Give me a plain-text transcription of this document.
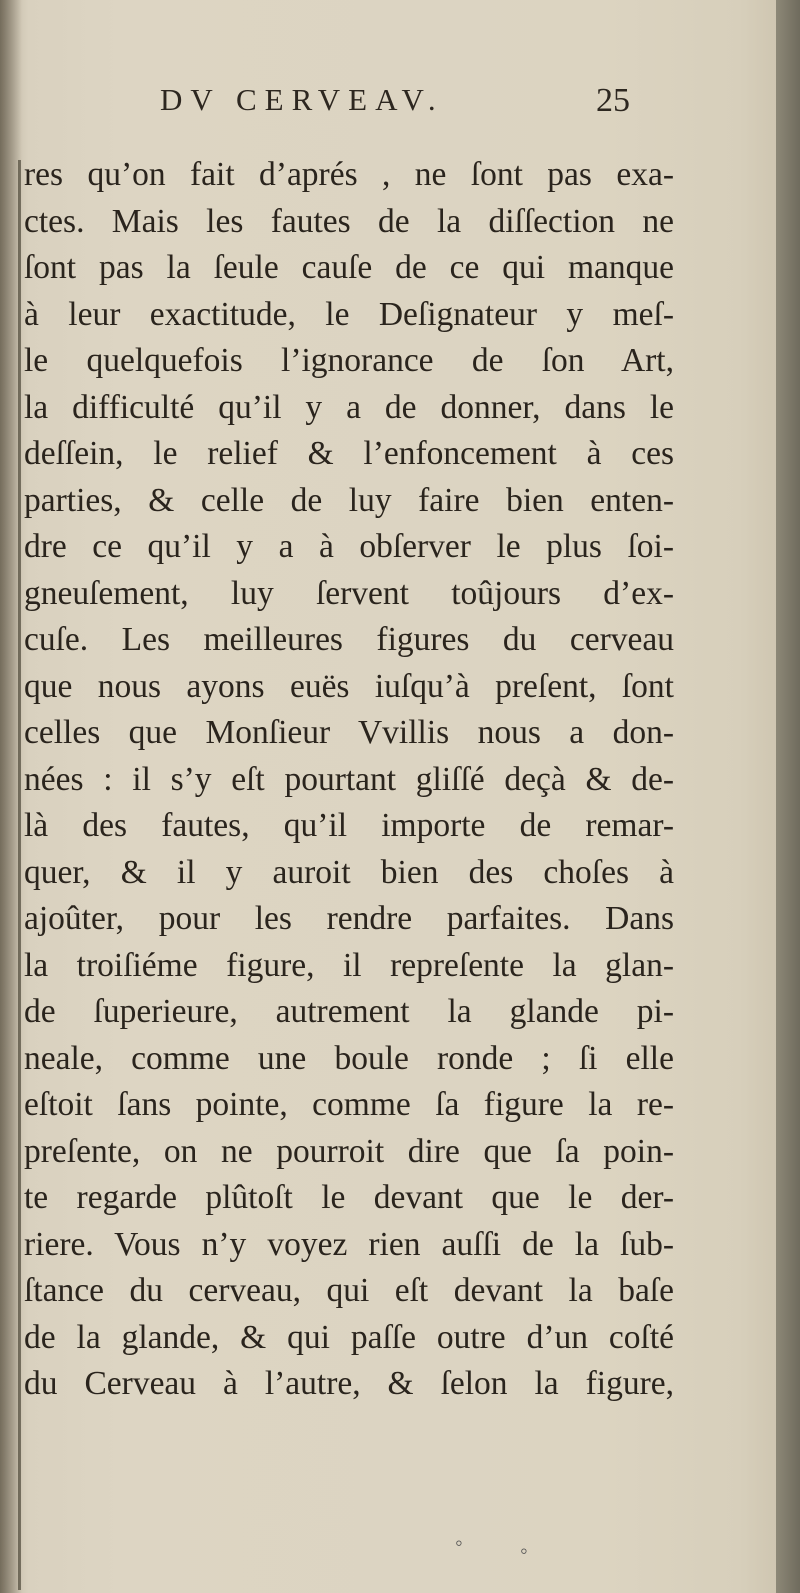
DV CERVEAV.	25
res qu’on fait d’aprés , ne ſont pas exa-
ctes. Mais les fautes de la diſſection ne
ſont pas la ſeule cauſe de ce qui manque
à leur exactitude, le Deſignateur y meſ-
le quelquefois l’ignorance de ſon Art,
la difficulté qu’il y a de donner, dans le
deſſein, le relief & l’enfoncement à ces
parties, & celle de luy faire bien enten-
dre ce qu’il y a à obſerver le plus ſoi-
gneuſement, luy ſervent toûjours d’ex-
cuſe. Les meilleures figures du cerveau
que nous ayons euës iuſqu’à preſent, ſont
celles que Monſieur Vvillis nous a don-
nées : il s’y eſt pourtant gliſſé deçà & de-
là des fautes, qu’il importe de remar-
quer, & il y auroit bien des choſes à
ajoûter, pour les rendre parfaites. Dans
la troiſiéme figure, il repreſente la glan-
de ſuperieure, autrement la glande pi-
neale, comme une boule ronde ; ſi elle
eſtoit ſans pointe, comme ſa figure la re-
preſente, on ne pourroit dire que ſa poin-
te regarde plûtoſt le devant que le der-
riere. Vous n’y voyez rien auſſi de la ſub-
ſtance du cerveau, qui eſt devant la baſe
de la glande, & qui paſſe outre d’un coſté
du Cerveau à l’autre, & ſelon la figure,
◦
◦
